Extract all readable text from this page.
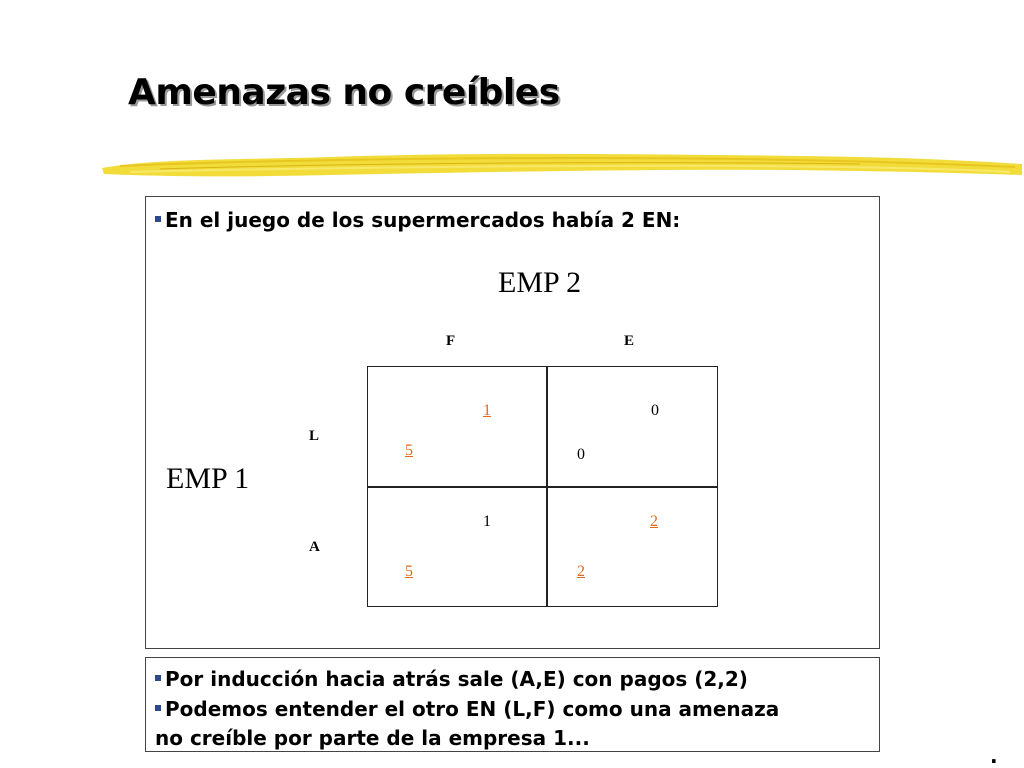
Amenazas no creíbles
En el juego de los supermercados había 2 EN:
EMP 2
EMP 1
F	E
L
A
1
5
0
0
1
5
2
2
Por inducción hacia atrás sale (A,E) con pagos (2,2)
Podemos entender el otro EN (L,F) como una amenaza
no creíble por parte de la empresa 1...
.
